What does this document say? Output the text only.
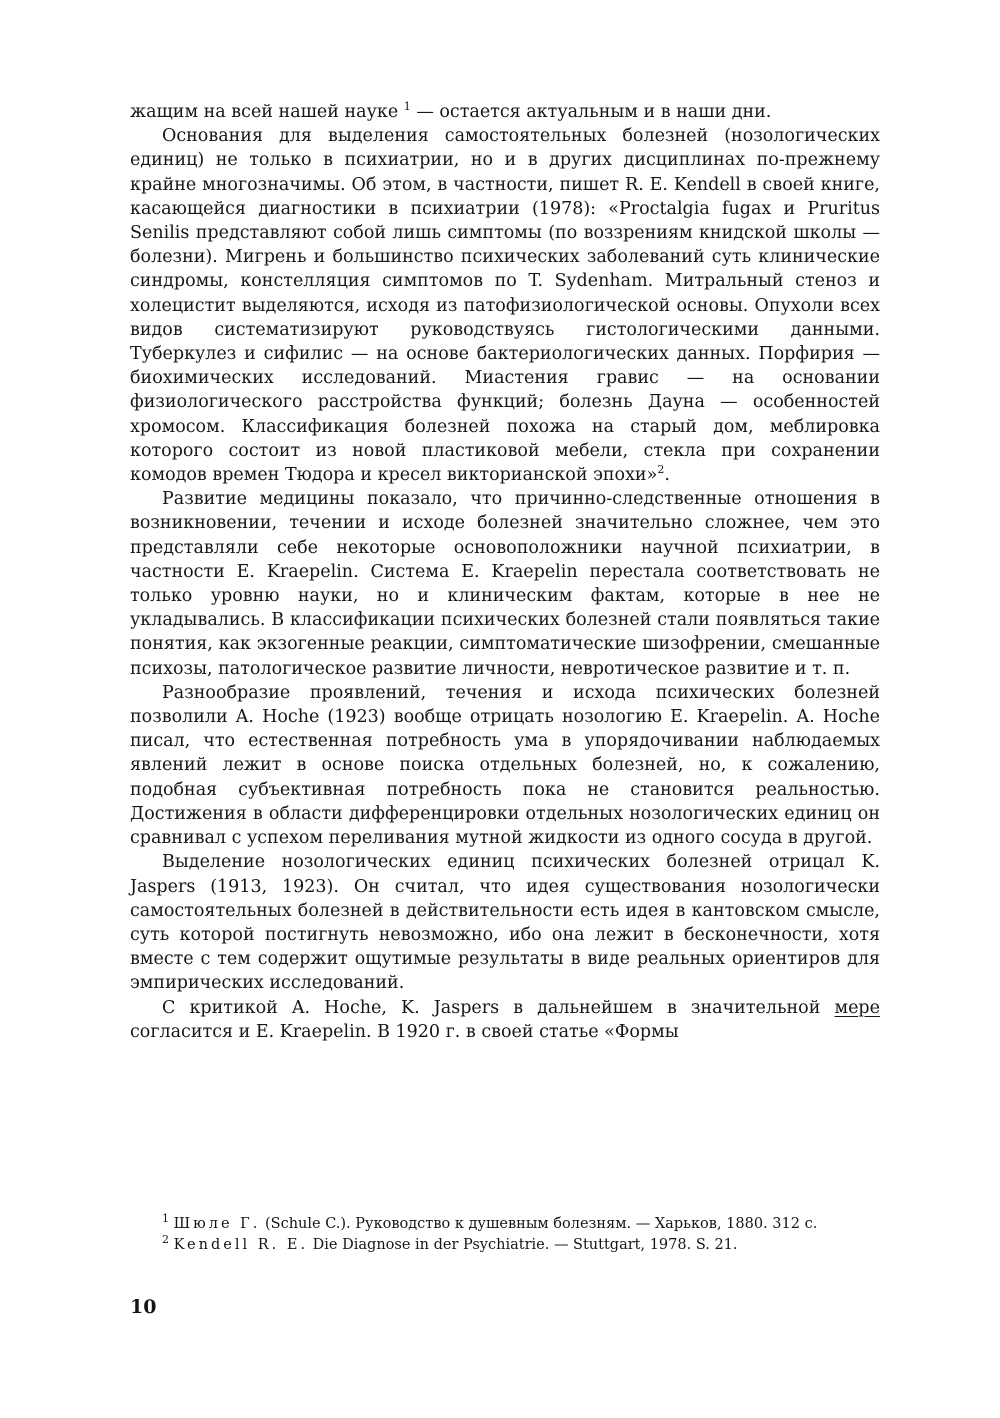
жащим на всей нашей науке $^1$ — остается актуальным и в наши дни.

Основания для выделения самостоятельных болезней (нозологических единиц) не только в психиатрии, но и в других дисциплинах по-прежнему крайне многозначимы. Об этом, в частности, пишет R. E. Kendell в своей книге, касающейся диагностики в психиатрии (1978): «Proctalgia fugax и Pruritus Senilis представляют собой лишь симптомы (по воззрениям книдской школы — болезни). Мигрень и большинство психических заболеваний суть клинические синдромы, констелляция симптомов по T. Sydenham. Митральный стеноз и холецистит выделяются, исходя из патофизиологической основы. Опухоли всех видов систематизируют руководствуясь гистологическими данными. Туберкулез и сифилис — на основе бактериологических данных. Порфирия — биохимических исследований. Миастения гравис — на основании физиологического расстройства функций; болезнь Дауна — особенностей хромосом. Классификация болезней похожа на старый дом, меблировка которого состоит из новой пластиковой мебели, стекла при сохранении комодов времен Тюдора и кресел викторианской эпохи»$^2$.

Развитие медицины показало, что причинно-следственные отношения в возникновении, течении и исходе болезней значительно сложнее, чем это представляли себе некоторые основоположники научной психиатрии, в частности E. Kraepelin. Система E. Kraepelin перестала соответствовать не только уровню науки, но и клиническим фактам, которые в нее не укладывались. В классификации психических болезней стали появляться такие понятия, как экзогенные реакции, симптоматические шизофрении, смешанные психозы, патологическое развитие личности, невротическое развитие и т. п.

Разнообразие проявлений, течения и исхода психических болезней позволили A. Hoche (1923) вообще отрицать нозологию E. Kraepelin. A. Hoche писал, что естественная потребность ума в упорядочивании наблюдаемых явлений лежит в основе поиска отдельных болезней, но, к сожалению, подобная субъективная потребность пока не становится реальностью. Достижения в области дифференцировки отдельных нозологических единиц он сравнивал с успехом переливания мутной жидкости из одного сосуда в другой.

Выделение нозологических единиц психических болезней отрицал K. Jaspers (1913, 1923). Он считал, что идея существования нозологически самостоятельных болезней в действительности есть идея в кантовском смысле, суть которой постигнуть невозможно, ибо она лежит в бесконечности, хотя вместе с тем содержит ощутимые результаты в виде реальных ориентиров для эмпирических исследований.

С критикой A. Hoche, K. Jaspers в дальнейшем в значительной мере согласится и E. Kraepelin. В 1920 г. в своей статье «Формы

$^1$ Шюле Г. (Schule C.). Руководство к душевным болезням. — Харьков, 1880. 312 с.

$^2$ Kendell R. E. Die Diagnose in der Psychiatrie. — Stuttgart, 1978. S. 21.

10
